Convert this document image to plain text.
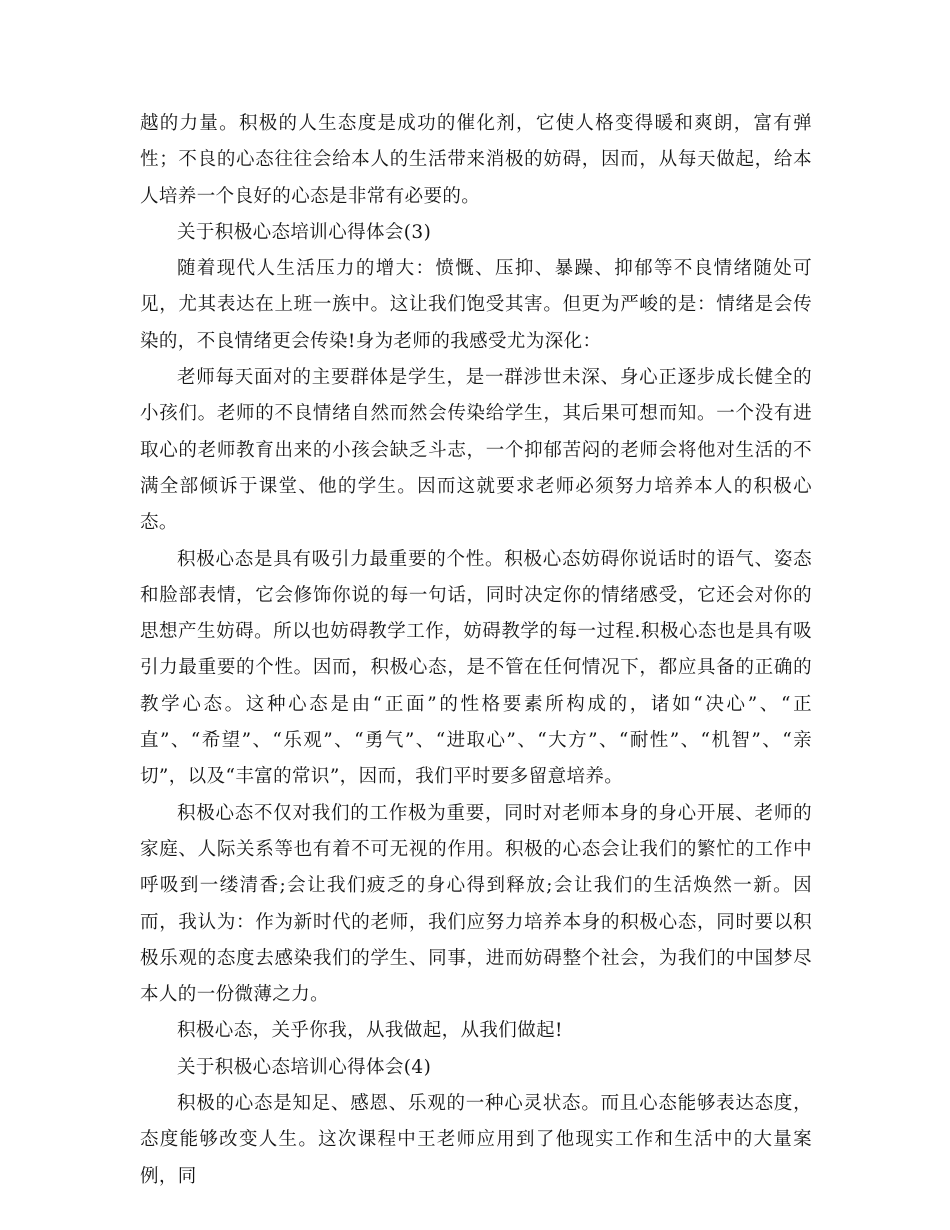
越的力量。积极的人生态度是成功的催化剂，它使人格变得暖和爽朗，富有弹性；不良的心态往往会给本人的生活带来消极的妨碍，因而，从每天做起，给本人培养一个良好的心态是非常有必要的。

关于积极心态培训心得体会(3)

随着现代人生活压力的增大：愤慨、压抑、暴躁、抑郁等不良情绪随处可见，尤其表达在上班一族中。这让我们饱受其害。但更为严峻的是：情绪是会传染的，不良情绪更会传染!身为老师的我感受尤为深化：

老师每天面对的主要群体是学生，是一群涉世未深、身心正逐步成长健全的小孩们。老师的不良情绪自然而然会传染给学生，其后果可想而知。一个没有进取心的老师教育出来的小孩会缺乏斗志，一个抑郁苦闷的老师会将他对生活的不满全部倾诉于课堂、他的学生。因而这就要求老师必须努力培养本人的积极心态。

积极心态是具有吸引力最重要的个性。积极心态妨碍你说话时的语气、姿态和脸部表情，它会修饰你说的每一句话，同时决定你的情绪感受，它还会对你的思想产生妨碍。所以也妨碍教学工作，妨碍教学的每一过程.积极心态也是具有吸引力最重要的个性。因而，积极心态，是不管在任何情况下，都应具备的正确的教学心态。这种心态是由“正面”的性格要素所构成的，诸如“决心”、“正直”、“希望”、“乐观”、“勇气”、“进取心”、“大方”、“耐性”、“机智”、“亲切”，以及“丰富的常识”，因而，我们平时要多留意培养。

积极心态不仅对我们的工作极为重要，同时对老师本身的身心开展、老师的家庭、人际关系等也有着不可无视的作用。积极的心态会让我们的繁忙的工作中呼吸到一缕清香;会让我们疲乏的身心得到释放;会让我们的生活焕然一新。因而，我认为：作为新时代的老师，我们应努力培养本身的积极心态，同时要以积极乐观的态度去感染我们的学生、同事，进而妨碍整个社会，为我们的中国梦尽本人的一份微薄之力。

积极心态，关乎你我，从我做起，从我们做起!

关于积极心态培训心得体会(4)

积极的心态是知足、感恩、乐观的一种心灵状态。而且心态能够表达态度，态度能够改变人生。这次课程中王老师应用到了他现实工作和生活中的大量案例，同
